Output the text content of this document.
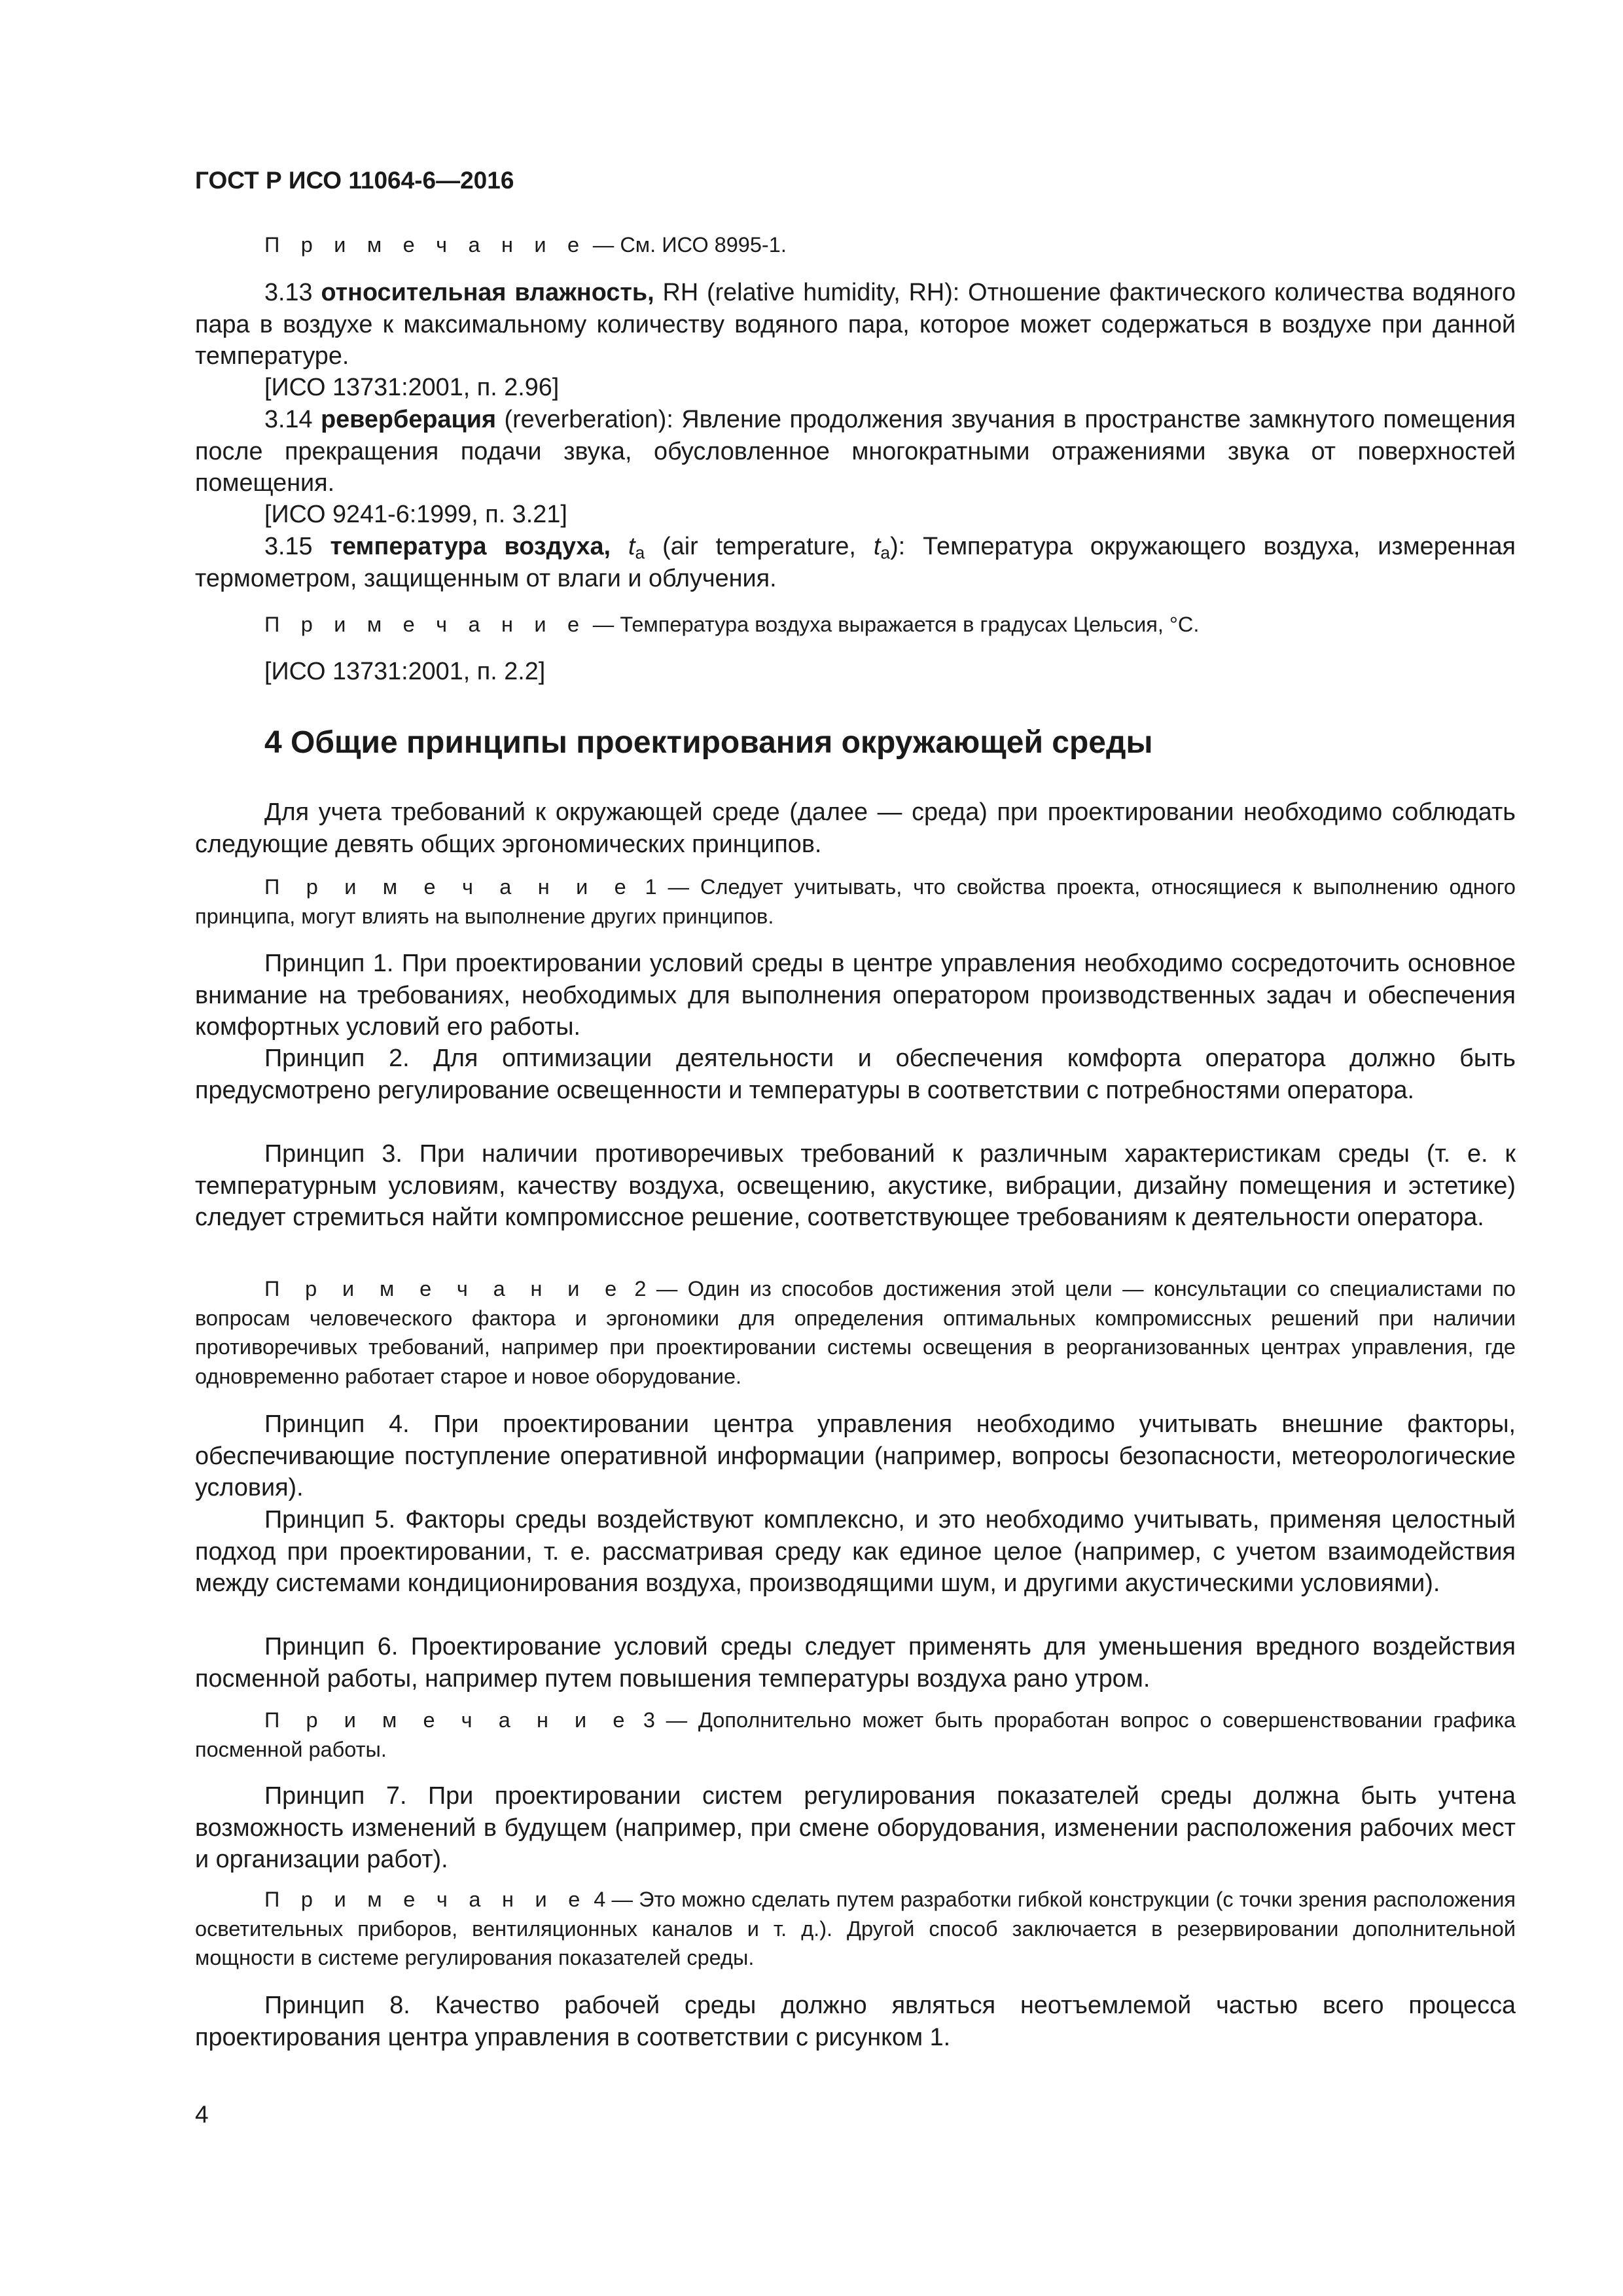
ГОСТ Р ИСО 11064-6—2016

П р и м е ч а н и е — См. ИСО 8995-1.

3.13 относительная влажность, RH (relative humidity, RH): Отношение фактического количества водяного пара в воздухе к максимальному количеству водяного пара, которое может содержаться в воздухе при данной температуре.

[ИСО 13731:2001, п. 2.96]

3.14 реверберация (reverberation): Явление продолжения звучания в пространстве замкнутого помещения после прекращения подачи звука, обусловленное многократными отражениями звука от поверхностей помещения.

[ИСО 9241-6:1999, п. 3.21]

3.15 температура воздуха, $t_a$ (air temperature, $t_a$): Температура окружающего воздуха, измеренная термометром, защищенным от влаги и облучения.

П р и м е ч а н и е — Температура воздуха выражается в градусах Цельсия, °С.

[ИСО 13731:2001, п. 2.2]

4 Общие принципы проектирования окружающей среды

Для учета требований к окружающей среде (далее — среда) при проектировании необходимо соблюдать следующие девять общих эргономических принципов.

П р и м е ч а н и е 1 — Следует учитывать, что свойства проекта, относящиеся к выполнению одного принципа, могут влиять на выполнение других принципов.

Принцип 1. При проектировании условий среды в центре управления необходимо сосредоточить основное внимание на требованиях, необходимых для выполнения оператором производственных задач и обеспечения комфортных условий его работы.

Принцип 2. Для оптимизации деятельности и обеспечения комфорта оператора должно быть предусмотрено регулирование освещенности и температуры в соответствии с потребностями оператора.

Принцип 3. При наличии противоречивых требований к различным характеристикам среды (т. е. к температурным условиям, качеству воздуха, освещению, акустике, вибрации, дизайну помещения и эстетике) следует стремиться найти компромиссное решение, соответствующее требованиям к деятельности оператора.

П р и м е ч а н и е 2 — Один из способов достижения этой цели — консультации со специалистами по вопросам человеческого фактора и эргономики для определения оптимальных компромиссных решений при наличии противоречивых требований, например при проектировании системы освещения в реорганизованных центрах управления, где одновременно работает старое и новое оборудование.

Принцип 4. При проектировании центра управления необходимо учитывать внешние факторы, обеспечивающие поступление оперативной информации (например, вопросы безопасности, метеорологические условия).

Принцип 5. Факторы среды воздействуют комплексно, и это необходимо учитывать, применяя целостный подход при проектировании, т. е. рассматривая среду как единое целое (например, с учетом взаимодействия между системами кондиционирования воздуха, производящими шум, и другими акустическими условиями).

Принцип 6. Проектирование условий среды следует применять для уменьшения вредного воздействия посменной работы, например путем повышения температуры воздуха рано утром.

П р и м е ч а н и е 3 — Дополнительно может быть проработан вопрос о совершенствовании графика посменной работы.

Принцип 7. При проектировании систем регулирования показателей среды должна быть учтена возможность изменений в будущем (например, при смене оборудования, изменении расположения рабочих мест и организации работ).

П р и м е ч а н и е 4 — Это можно сделать путем разработки гибкой конструкции (с точки зрения расположения осветительных приборов, вентиляционных каналов и т. д.). Другой способ заключается в резервировании дополнительной мощности в системе регулирования показателей среды.

Принцип 8. Качество рабочей среды должно являться неотъемлемой частью всего процесса проектирования центра управления в соответствии с рисунком 1.

4
